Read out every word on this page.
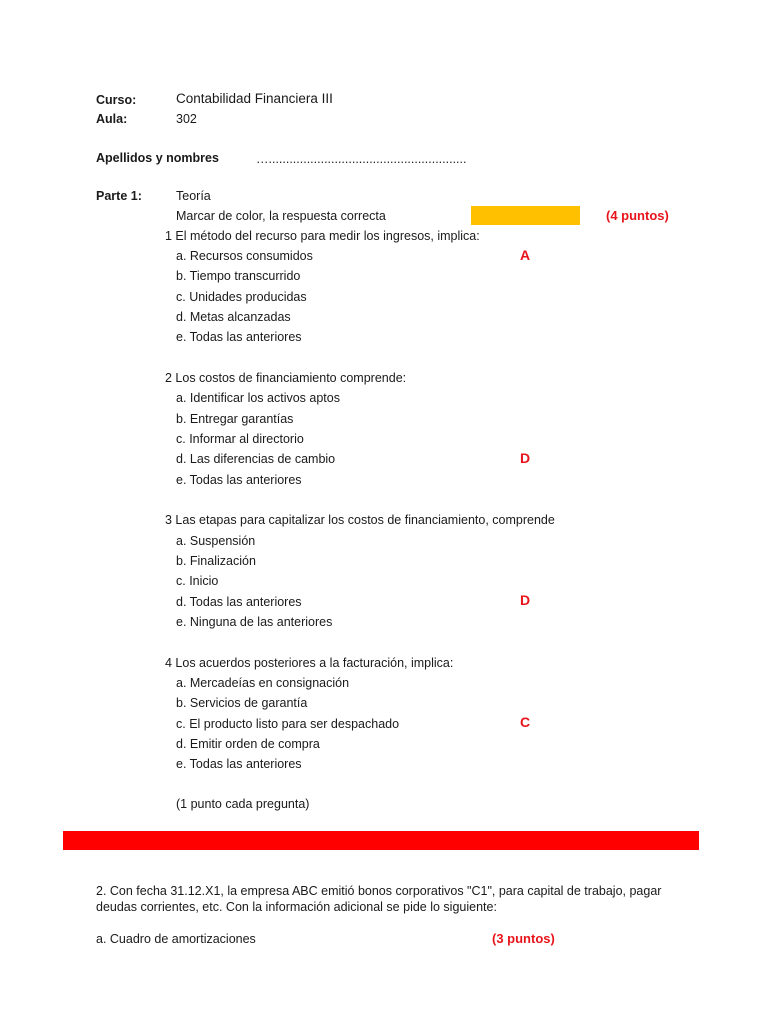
Curso:	Contabilidad Financiera III
Aula:	302
Apellidos y nombres	….........................................................
Parte 1:	Teoría
Marcar de color, la respuesta correcta	(4 puntos)
1 El método del recurso para medir los ingresos, implica:
a. Recursos consumidos
b. Tiempo transcurrido
c. Unidades producidas
d. Metas alcanzadas
e. Todas las anteriores
A
2 Los costos de financiamiento comprende:
a. Identificar los activos aptos
b. Entregar garantías
c. Informar al directorio
d. Las diferencias de cambio
e. Todas las anteriores
D
3 Las etapas para capitalizar los costos de financiamiento, comprende
a. Suspensión
b. Finalización
c. Inicio
d. Todas las anteriores
e. Ninguna de las anteriores
D
4 Los acuerdos posteriores a la facturación, implica:
a. Mercadeías en consignación
b. Servicios de garantía
c. El producto listo para ser despachado
d. Emitir orden de compra
e. Todas las anteriores
C
(1 punto cada pregunta)
2. Con fecha 31.12.X1, la empresa ABC emitió bonos corporativos "C1", para capital de trabajo, pagar
deudas corrientes, etc. Con la información adicional se pide lo siguiente:
a. Cuadro de amortizaciones	(3 puntos)
